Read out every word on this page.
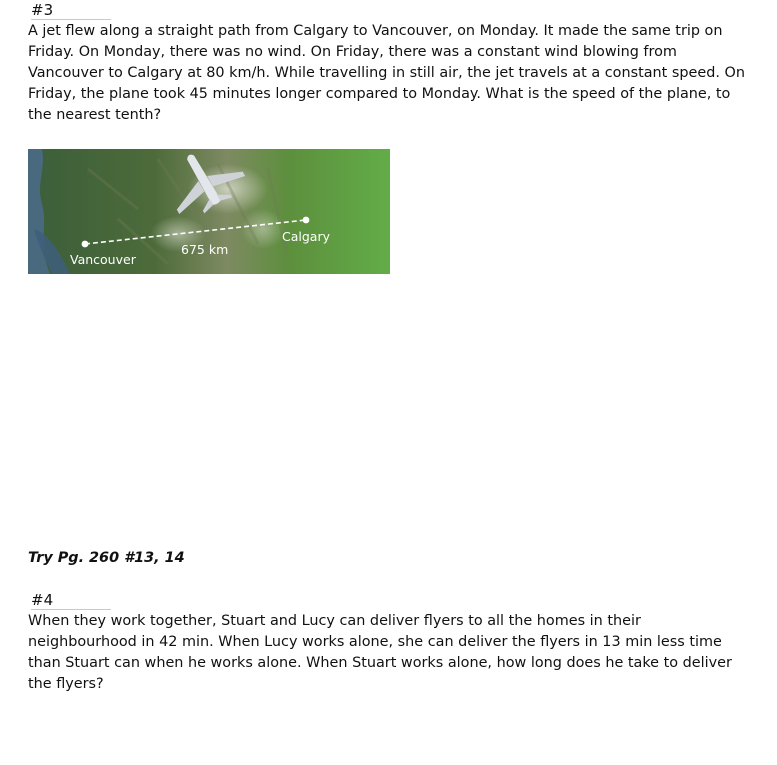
#3
A jet flew along a straight path from Calgary to Vancouver, on Monday. It made the same trip on Friday. On Monday, there was no wind. On Friday, there was a constant wind blowing from Vancouver to Calgary at 80 km/h. While travelling in still air, the jet travels at a constant speed. On Friday, the plane took 45 minutes longer compared to Monday. What is the speed of the plane, to the nearest tenth?
Vancouver
Calgary
675 km
Try Pg. 260 #13, 14
#4
When they work together, Stuart and Lucy can deliver flyers to all the homes in their neighbourhood in 42 min. When Lucy works alone, she can deliver the flyers in 13 min less time than Stuart can when he works alone. When Stuart works alone, how long does he take to deliver the flyers?
